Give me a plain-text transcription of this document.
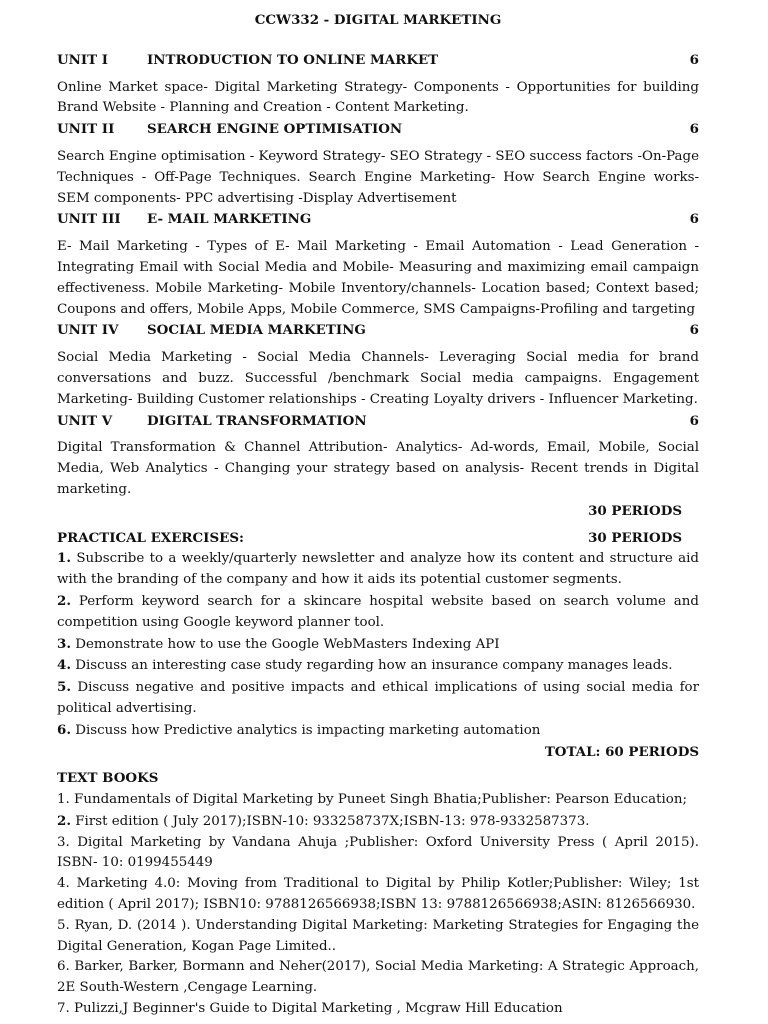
CCW332 - DIGITAL MARKETING
UNIT I	INTRODUCTION TO ONLINE MARKET	6
Online Market space- Digital Marketing Strategy- Components - Opportunities for building Brand Website - Planning and Creation - Content Marketing.
UNIT II	SEARCH ENGINE OPTIMISATION	6
Search Engine optimisation - Keyword Strategy- SEO Strategy - SEO success factors -On-Page Techniques - Off-Page Techniques. Search Engine Marketing- How Search Engine works- SEM components- PPC advertising -Display Advertisement
UNIT III	E- MAIL MARKETING	6
E- Mail Marketing - Types of E- Mail Marketing - Email Automation - Lead Generation - Integrating Email with Social Media and Mobile- Measuring and maximizing email campaign effectiveness. Mobile Marketing- Mobile Inventory/channels- Location based; Context based; Coupons and offers, Mobile Apps, Mobile Commerce, SMS Campaigns-Profiling and targeting
UNIT IV	SOCIAL MEDIA MARKETING	6
Social Media Marketing - Social Media Channels- Leveraging Social media for brand conversations and buzz. Successful /benchmark Social media campaigns. Engagement Marketing- Building Customer relationships - Creating Loyalty drivers - Influencer Marketing.
UNIT V	DIGITAL TRANSFORMATION	6
Digital Transformation & Channel Attribution- Analytics- Ad-words, Email, Mobile, Social Media, Web Analytics - Changing your strategy based on analysis- Recent trends in Digital marketing.
30 PERIODS
PRACTICAL EXERCISES:	30 PERIODS
1. Subscribe to a weekly/quarterly newsletter and analyze how its content and structure aid with the branding of the company and how it aids its potential customer segments.
2. Perform keyword search for a skincare hospital website based on search volume and competition using Google keyword planner tool.
3. Demonstrate how to use the Google WebMasters Indexing API
4. Discuss an interesting case study regarding how an insurance company manages leads.
5. Discuss negative and positive impacts and ethical implications of using social media for political advertising.
6. Discuss how Predictive analytics is impacting marketing automation
TOTAL: 60 PERIODS
TEXT BOOKS
1. Fundamentals of Digital Marketing by Puneet Singh Bhatia;Publisher: Pearson Education;
2. First edition ( July 2017);ISBN-10: 933258737X;ISBN-13: 978-9332587373.
3. Digital Marketing by Vandana Ahuja ;Publisher: Oxford University Press ( April 2015). ISBN- 10: 0199455449
4. Marketing 4.0: Moving from Traditional to Digital by Philip Kotler;Publisher: Wiley; 1st edition ( April 2017); ISBN10: 9788126566938;ISBN 13: 9788126566938;ASIN: 8126566930.
5. Ryan, D. (2014 ). Understanding Digital Marketing: Marketing Strategies for Engaging the Digital Generation, Kogan Page Limited..
6. Barker, Barker, Bormann and Neher(2017), Social Media Marketing: A Strategic Approach, 2E South-Western ,Cengage Learning.
7. Pulizzi,J Beginner's Guide to Digital Marketing , Mcgraw Hill Education
